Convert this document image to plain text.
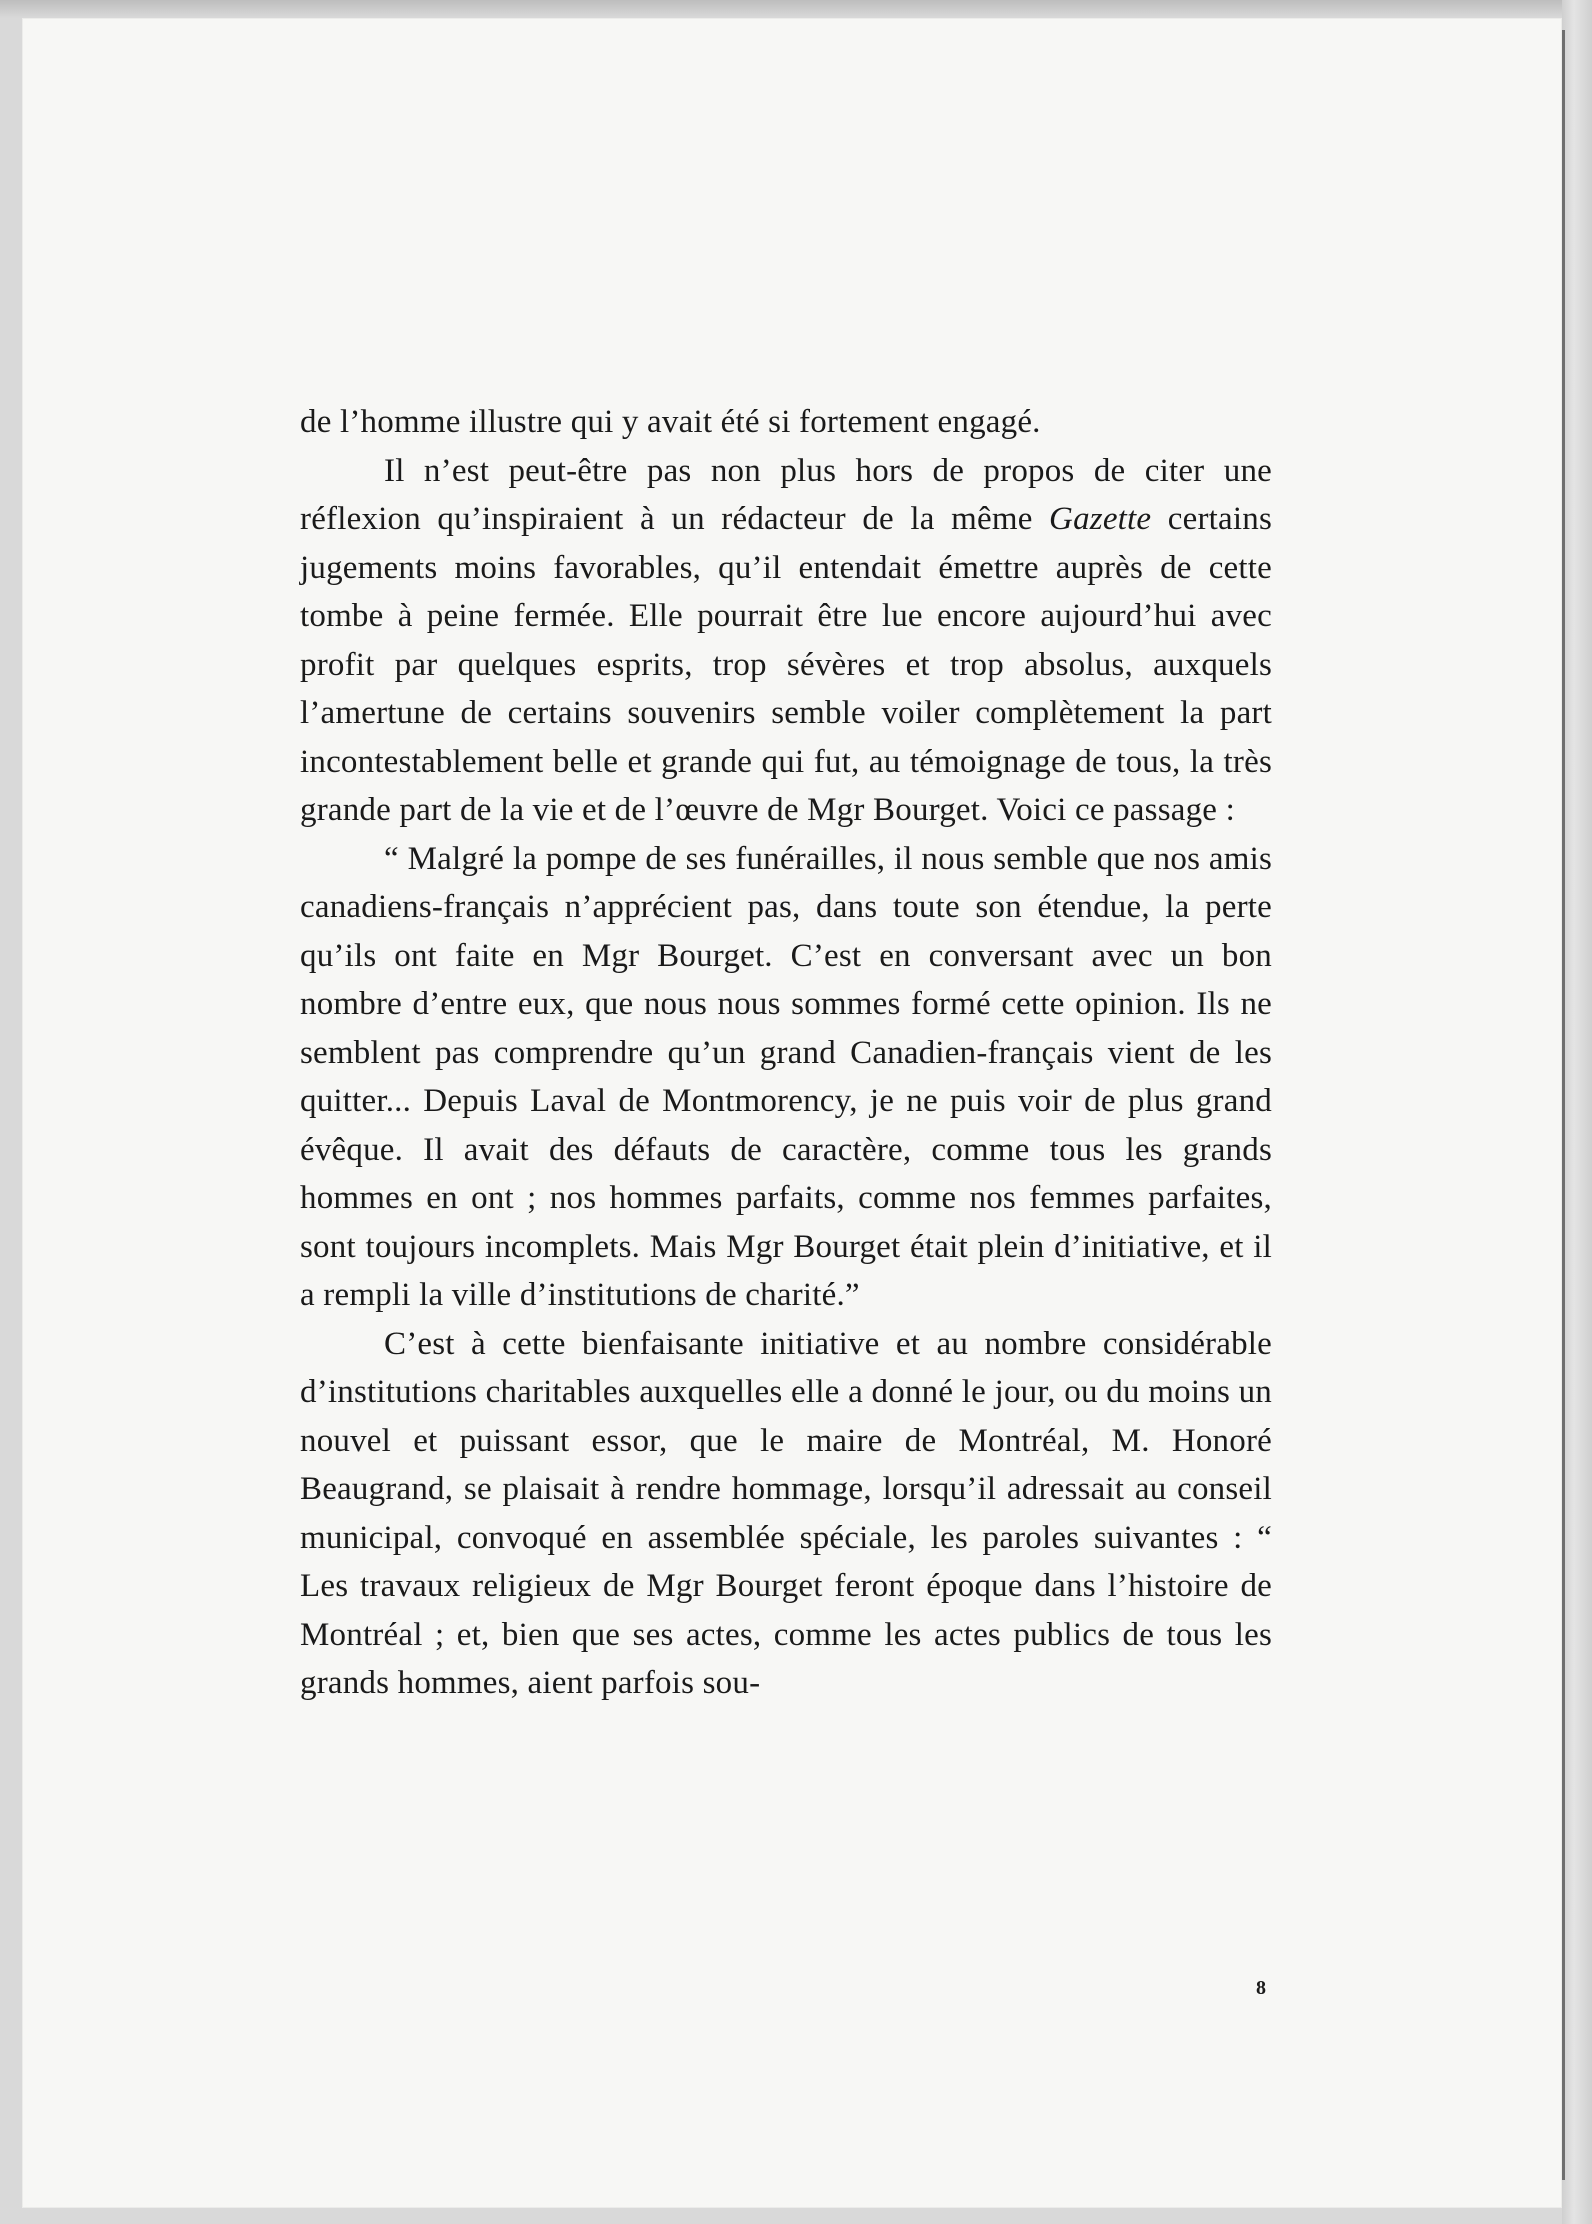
de l’homme illustre qui y avait été si fortement engagé.

Il n’est peut-être pas non plus hors de propos de citer une réflexion qu’inspiraient à un rédacteur de la même Gazette certains jugements moins favorables, qu’il entendait émettre auprès de cette tombe à peine fermée. Elle pourrait être lue encore aujourd’hui avec profit par quelques esprits, trop sévères et trop absolus, auxquels l’amertune de certains souvenirs semble voiler complètement la part incontestablement belle et grande qui fut, au témoignage de tous, la très grande part de la vie et de l’œuvre de Mgr Bourget. Voici ce passage :

“ Malgré la pompe de ses funérailles, il nous semble que nos amis canadiens-français n’apprécient pas, dans toute son étendue, la perte qu’ils ont faite en Mgr Bourget. C’est en conversant avec un bon nombre d’entre eux, que nous nous sommes formé cette opinion. Ils ne semblent pas comprendre qu’un grand Canadien-français vient de les quitter... Depuis Laval de Montmorency, je ne puis voir de plus grand évêque. Il avait des défauts de caractère, comme tous les grands hommes en ont ; nos hommes parfaits, comme nos femmes parfaites, sont toujours incomplets. Mais Mgr Bourget était plein d’initiative, et il a rempli la ville d’institutions de charité.”

C’est à cette bienfaisante initiative et au nombre considérable d’institutions charitables auxquelles elle a donné le jour, ou du moins un nouvel et puissant essor, que le maire de Montréal, M. Honoré Beaugrand, se plaisait à rendre hommage, lorsqu’il adressait au conseil municipal, convoqué en assemblée spéciale, les paroles suivantes : “ Les travaux religieux de Mgr Bourget feront époque dans l’histoire de Montréal ; et, bien que ses actes, comme les actes publics de tous les grands hommes, aient parfois sou-

8
